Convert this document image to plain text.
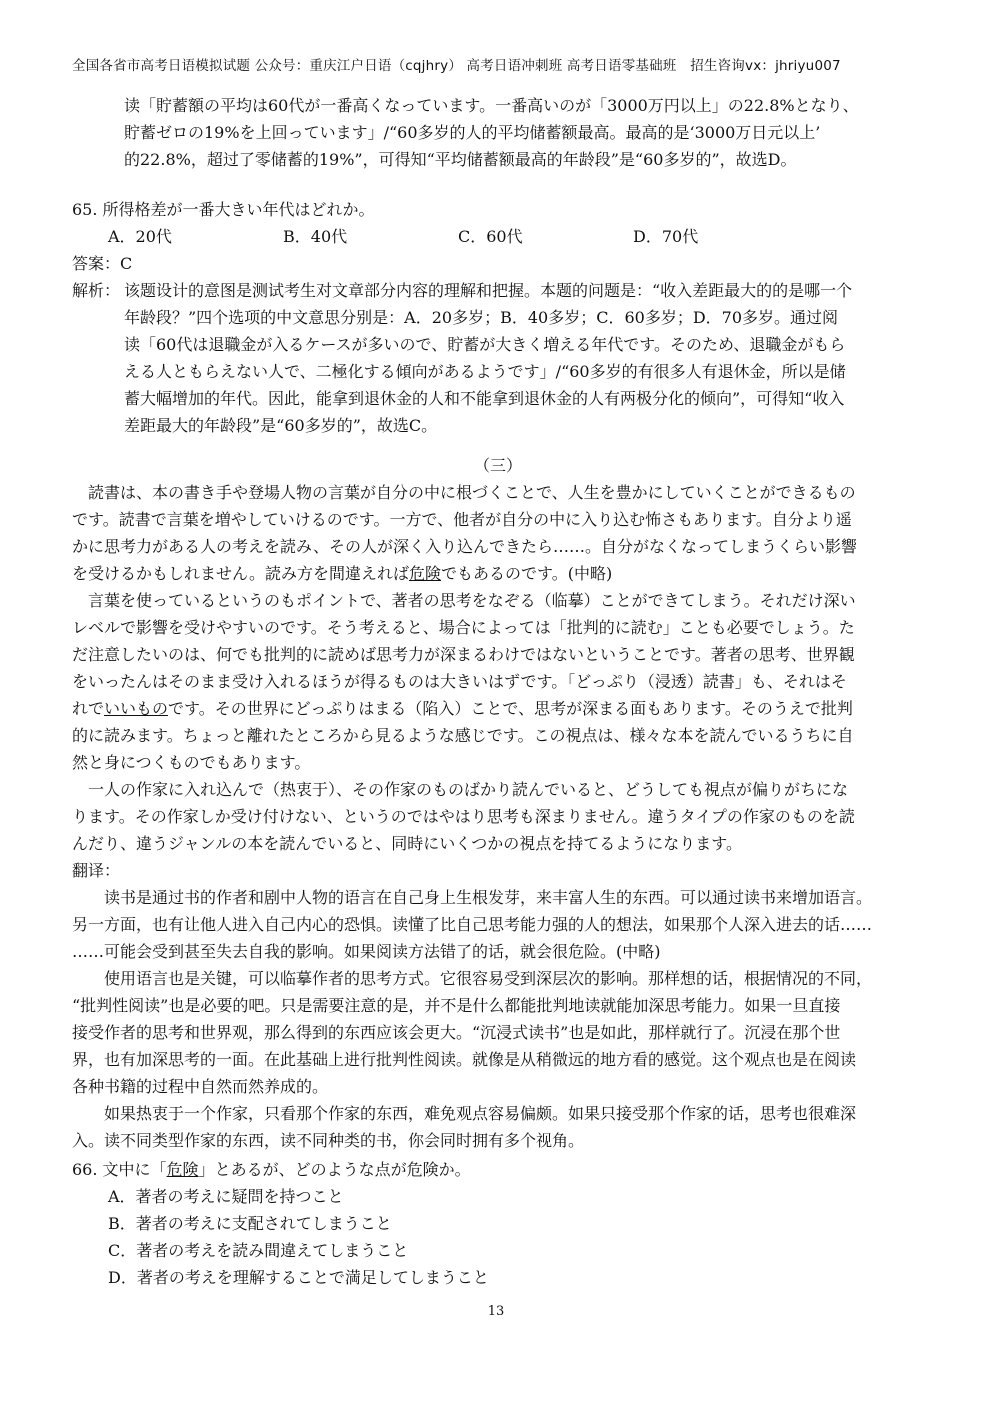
全国各省市高考日语模拟试题 公众号：重庆江户日语（cqjhry） 高考日语冲刺班 高考日语零基础班　招生咨询vx：jhriyu007
读「貯蓄額の平均は60代が一番高くなっています。一番高いのが「3000万円以上」の22.8%となり、
貯蓄ゼロの19%を上回っています」/“60多岁的人的平均储蓄额最高。最高的是‘3000万日元以上’
的22.8%，超过了零储蓄的19%”，可得知“平均储蓄额最高的年龄段”是“60多岁的”，故选D。
65. 所得格差が一番大きい年代はどれか。
A．20代	B．40代	C．60代	D．70代
答案：C
解析： 该题设计的意图是测试考生对文章部分内容的理解和把握。本题的问题是：“收入差距最大的的是哪一个
年龄段？”四个选项的中文意思分别是：A．20多岁；B．40多岁；C．60多岁；D．70多岁。通过阅
读「60代は退職金が入るケースが多いので、貯蓄が大きく増える年代です。そのため、退職金がもら
える人ともらえない人で、二極化する傾向があるようです」/“60多岁的有很多人有退休金，所以是储
蓄大幅增加的年代。因此，能拿到退休金的人和不能拿到退休金的人有两极分化的倾向”，可得知“收入
差距最大的年龄段”是“60多岁的”，故选C。
（三）
読書は、本の書き手や登場人物の言葉が自分の中に根づくことで、人生を豊かにしていくことができるもの
です。読書で言葉を増やしていけるのです。一方で、他者が自分の中に入り込む怖さもあります。自分より遥
かに思考力がある人の考えを読み、その人が深く入り込んできたら……。自分がなくなってしまうくらい影響
を受けるかもしれません。読み方を間違えれば危険でもあるのです。(中略)
言葉を使っているというのもポイントで、著者の思考をなぞる（临摹）ことができてしまう。それだけ深い
レベルで影響を受けやすいのです。そう考えると、場合によっては「批判的に読む」ことも必要でしょう。た
だ注意したいのは、何でも批判的に読めば思考力が深まるわけではないということです。著者の思考、世界観
をいったんはそのまま受け入れるほうが得るものは大きいはずです。「どっぷり（浸透）読書」も、それはそ
れでいいものです。その世界にどっぷりはまる（陷入）ことで、思考が深まる面もあります。そのうえで批判
的に読みます。ちょっと離れたところから見るような感じです。この視点は、様々な本を読んでいるうちに自
然と身につくものでもあります。
一人の作家に入れ込んで（热衷于）、その作家のものばかり読んでいると、どうしても視点が偏りがちにな
ります。その作家しか受け付けない、というのではやはり思考も深まりません。違うタイプの作家のものを読
んだり、違うジャンルの本を読んでいると、同時にいくつかの視点を持てるようになります。
翻译：
读书是通过书的作者和剧中人物的语言在自己身上生根发芽，来丰富人生的东西。可以通过读书来增加语言。
另一方面，也有让他人进入自己内心的恐惧。读懂了比自己思考能力强的人的想法，如果那个人深入进去的话……
……可能会受到甚至失去自我的影响。如果阅读方法错了的话，就会很危险。(中略)
使用语言也是关键，可以临摹作者的思考方式。它很容易受到深层次的影响。那样想的话，根据情况的不同，
“批判性阅读”也是必要的吧。只是需要注意的是，并不是什么都能批判地读就能加深思考能力。如果一旦直接
接受作者的思考和世界观，那么得到的东西应该会更大。“沉浸式读书”也是如此，那样就行了。沉浸在那个世
界，也有加深思考的一面。在此基础上进行批判性阅读。就像是从稍微远的地方看的感觉。这个观点也是在阅读
各种书籍的过程中自然而然养成的。
如果热衷于一个作家，只看那个作家的东西，难免观点容易偏颇。如果只接受那个作家的话，思考也很难深
入。读不同类型作家的东西，读不同种类的书，你会同时拥有多个视角。
66. 文中に「危険」とあるが、どのような点が危険か。
A．著者の考えに疑問を持つこと
B．著者の考えに支配されてしまうこと
C．著者の考えを読み間違えてしまうこと
D．著者の考えを理解することで満足してしまうこと
13
